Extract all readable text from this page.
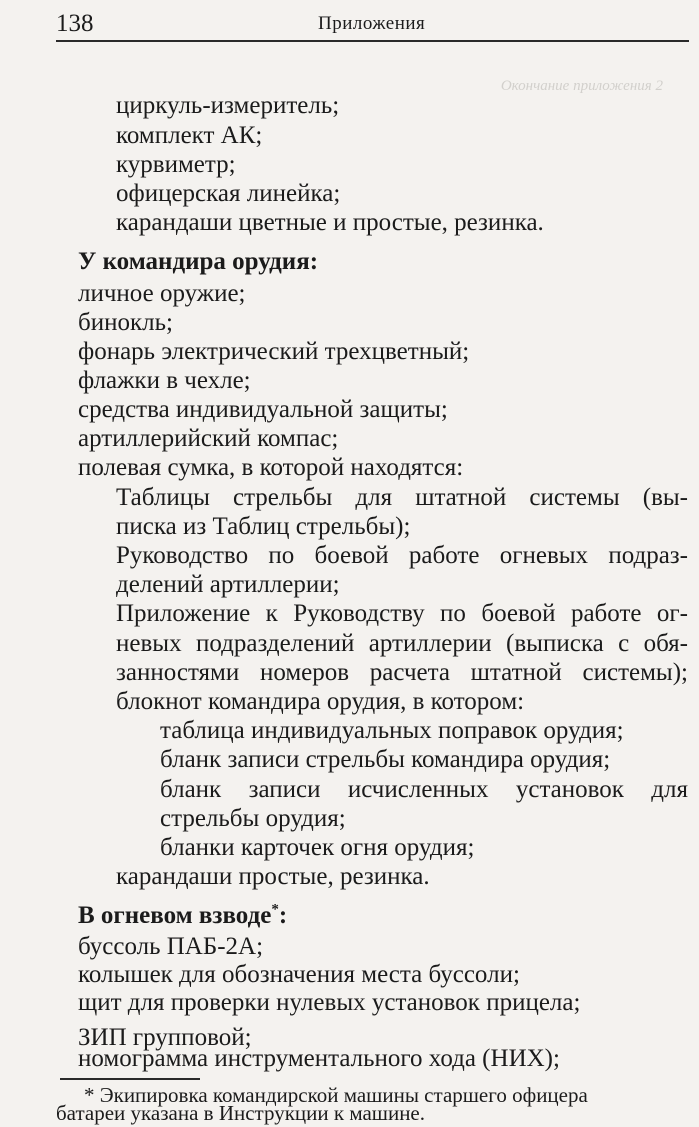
Окончание приложения 2
138	Приложения
циркуль-измеритель;
комплект АК;
курвиметр;
офицерская линейка;
карандаши цветные и простые, резинка.
У командира орудия:
личное оружие;
бинокль;
фонарь электрический трехцветный;
флажки в чехле;
средства индивидуальной защиты;
артиллерийский компас;
полевая сумка, в которой находятся:
Таблицы стрельбы для штатной системы (вы-
писка из Таблиц стрельбы);
Руководство по боевой работе огневых подраз-
делений артиллерии;
Приложение к Руководству по боевой работе ог-
невых подразделений артиллерии (выписка с обя-
занностями номеров расчета штатной системы);
блокнот командира орудия, в котором:
таблица индивидуальных поправок орудия;
бланк записи стрельбы командира орудия;
бланк записи исчисленных установок для
стрельбы орудия;
бланки карточек огня орудия;
карандаши простые, резинка.
В огневом взводе*:
буссоль ПАБ-2А;
колышек для обозначения места буссоли;
щит для проверки нулевых установок прицела;
ЗИП групповой;
номограмма инструментального хода (НИХ);
* Экипировка командирской машины старшего офицера
батареи указана в Инструкции к машине.
